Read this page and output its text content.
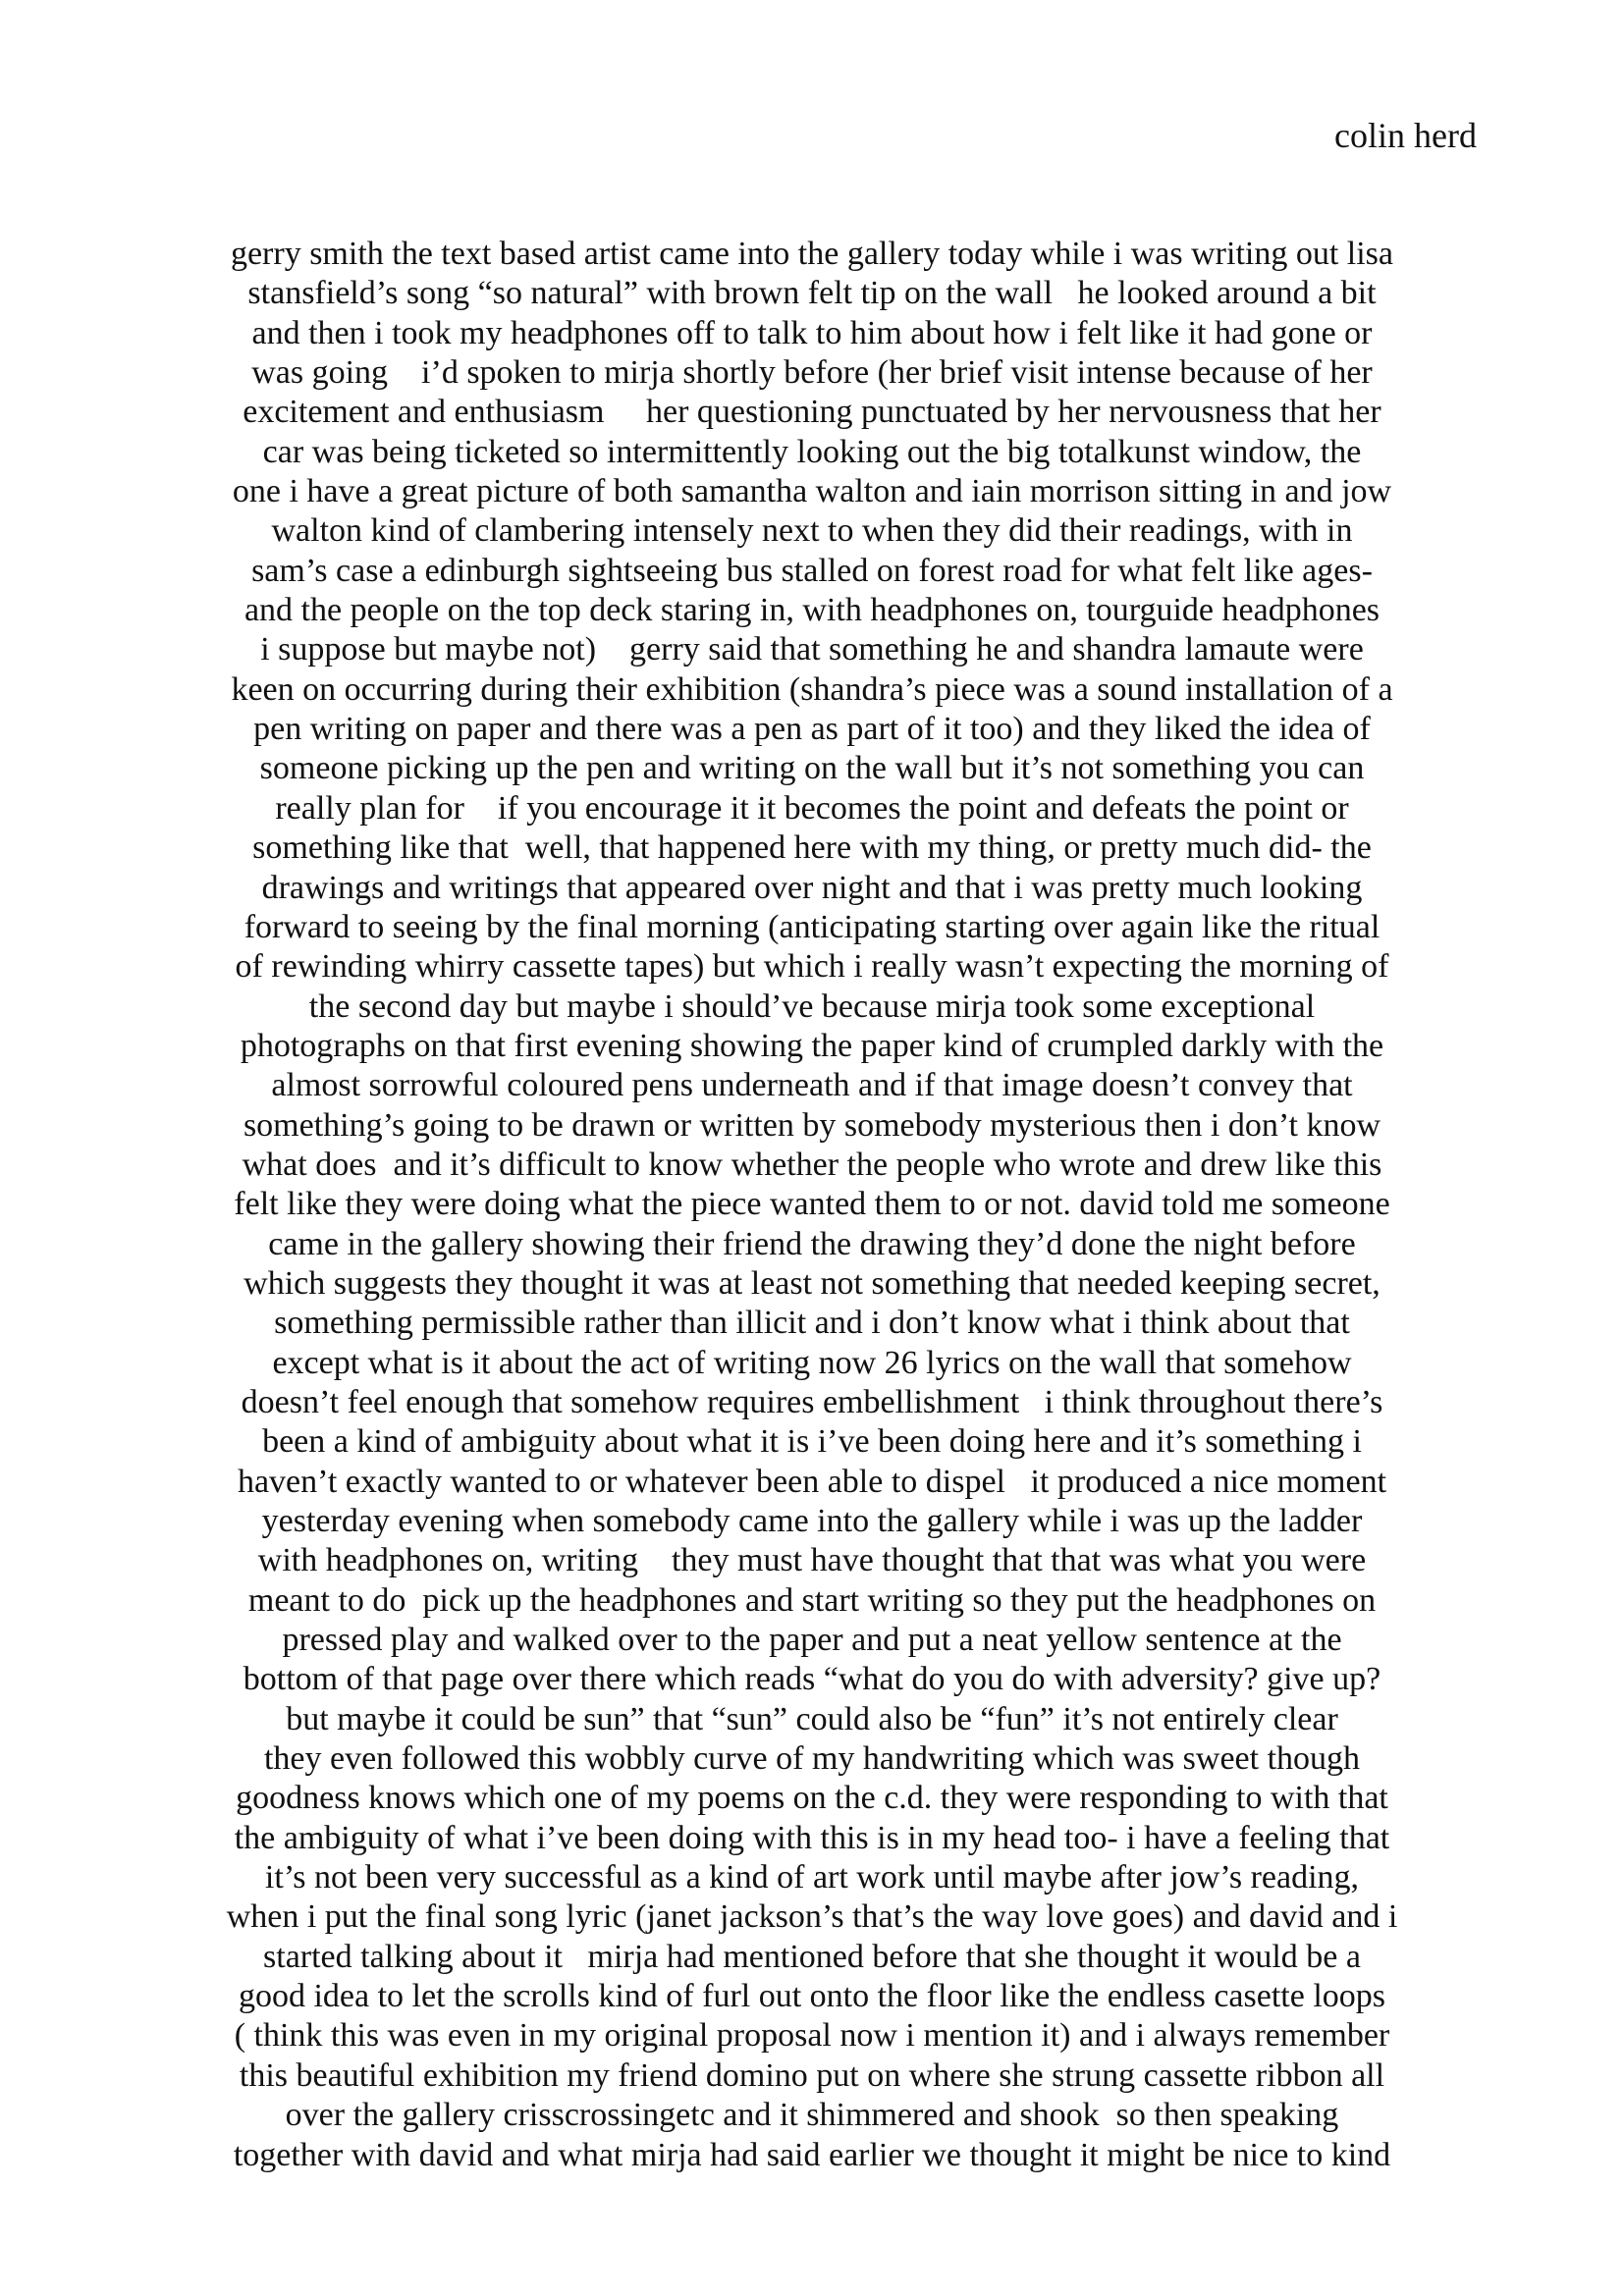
colin herd
gerry smith the text based artist came into the gallery today while i was writing out lisa
stansfield’s song “so natural” with brown felt tip on the wall   he looked around a bit
and then i took my headphones off to talk to him about how i felt like it had gone or
was going    i’d spoken to mirja shortly before (her brief visit intense because of her
excitement and enthusiasm     her questioning punctuated by her nervousness that her
car was being ticketed so intermittently looking out the big totalkunst window, the
one i have a great picture of both samantha walton and iain morrison sitting in and jow
walton kind of clambering intensely next to when they did their readings, with in
sam’s case a edinburgh sightseeing bus stalled on forest road for what felt like ages-
and the people on the top deck staring in, with headphones on, tourguide headphones
i suppose but maybe not)    gerry said that something he and shandra lamaute were
keen on occurring during their exhibition (shandra’s piece was a sound installation of a
pen writing on paper and there was a pen as part of it too) and they liked the idea of
someone picking up the pen and writing on the wall but it’s not something you can
really plan for    if you encourage it it becomes the point and defeats the point or
something like that  well, that happened here with my thing, or pretty much did- the
drawings and writings that appeared over night and that i was pretty much looking
forward to seeing by the final morning (anticipating starting over again like the ritual
of rewinding whirry cassette tapes) but which i really wasn’t expecting the morning of
the second day but maybe i should’ve because mirja took some exceptional
photographs on that first evening showing the paper kind of crumpled darkly with the
almost sorrowful coloured pens underneath and if that image doesn’t convey that
something’s going to be drawn or written by somebody mysterious then i don’t know
what does  and it’s difficult to know whether the people who wrote and drew like this
felt like they were doing what the piece wanted them to or not. david told me someone
came in the gallery showing their friend the drawing they’d done the night before
which suggests they thought it was at least not something that needed keeping secret,
something permissible rather than illicit and i don’t know what i think about that
except what is it about the act of writing now 26 lyrics on the wall that somehow
doesn’t feel enough that somehow requires embellishment   i think throughout there’s
been a kind of ambiguity about what it is i’ve been doing here and it’s something i
haven’t exactly wanted to or whatever been able to dispel   it produced a nice moment
yesterday evening when somebody came into the gallery while i was up the ladder
with headphones on, writing    they must have thought that that was what you were
meant to do  pick up the headphones and start writing so they put the headphones on
pressed play and walked over to the paper and put a neat yellow sentence at the
bottom of that page over there which reads “what do you do with adversity? give up?
but maybe it could be sun” that “sun” could also be “fun” it’s not entirely clear
they even followed this wobbly curve of my handwriting which was sweet though
goodness knows which one of my poems on the c.d. they were responding to with that
the ambiguity of what i’ve been doing with this is in my head too- i have a feeling that
it’s not been very successful as a kind of art work until maybe after jow’s reading,
when i put the final song lyric (janet jackson’s that’s the way love goes) and david and i
started talking about it   mirja had mentioned before that she thought it would be a
good idea to let the scrolls kind of furl out onto the floor like the endless casette loops
( think this was even in my original proposal now i mention it) and i always remember
this beautiful exhibition my friend domino put on where she strung cassette ribbon all
over the gallery crisscrossingetc and it shimmered and shook  so then speaking
together with david and what mirja had said earlier we thought it might be nice to kind
